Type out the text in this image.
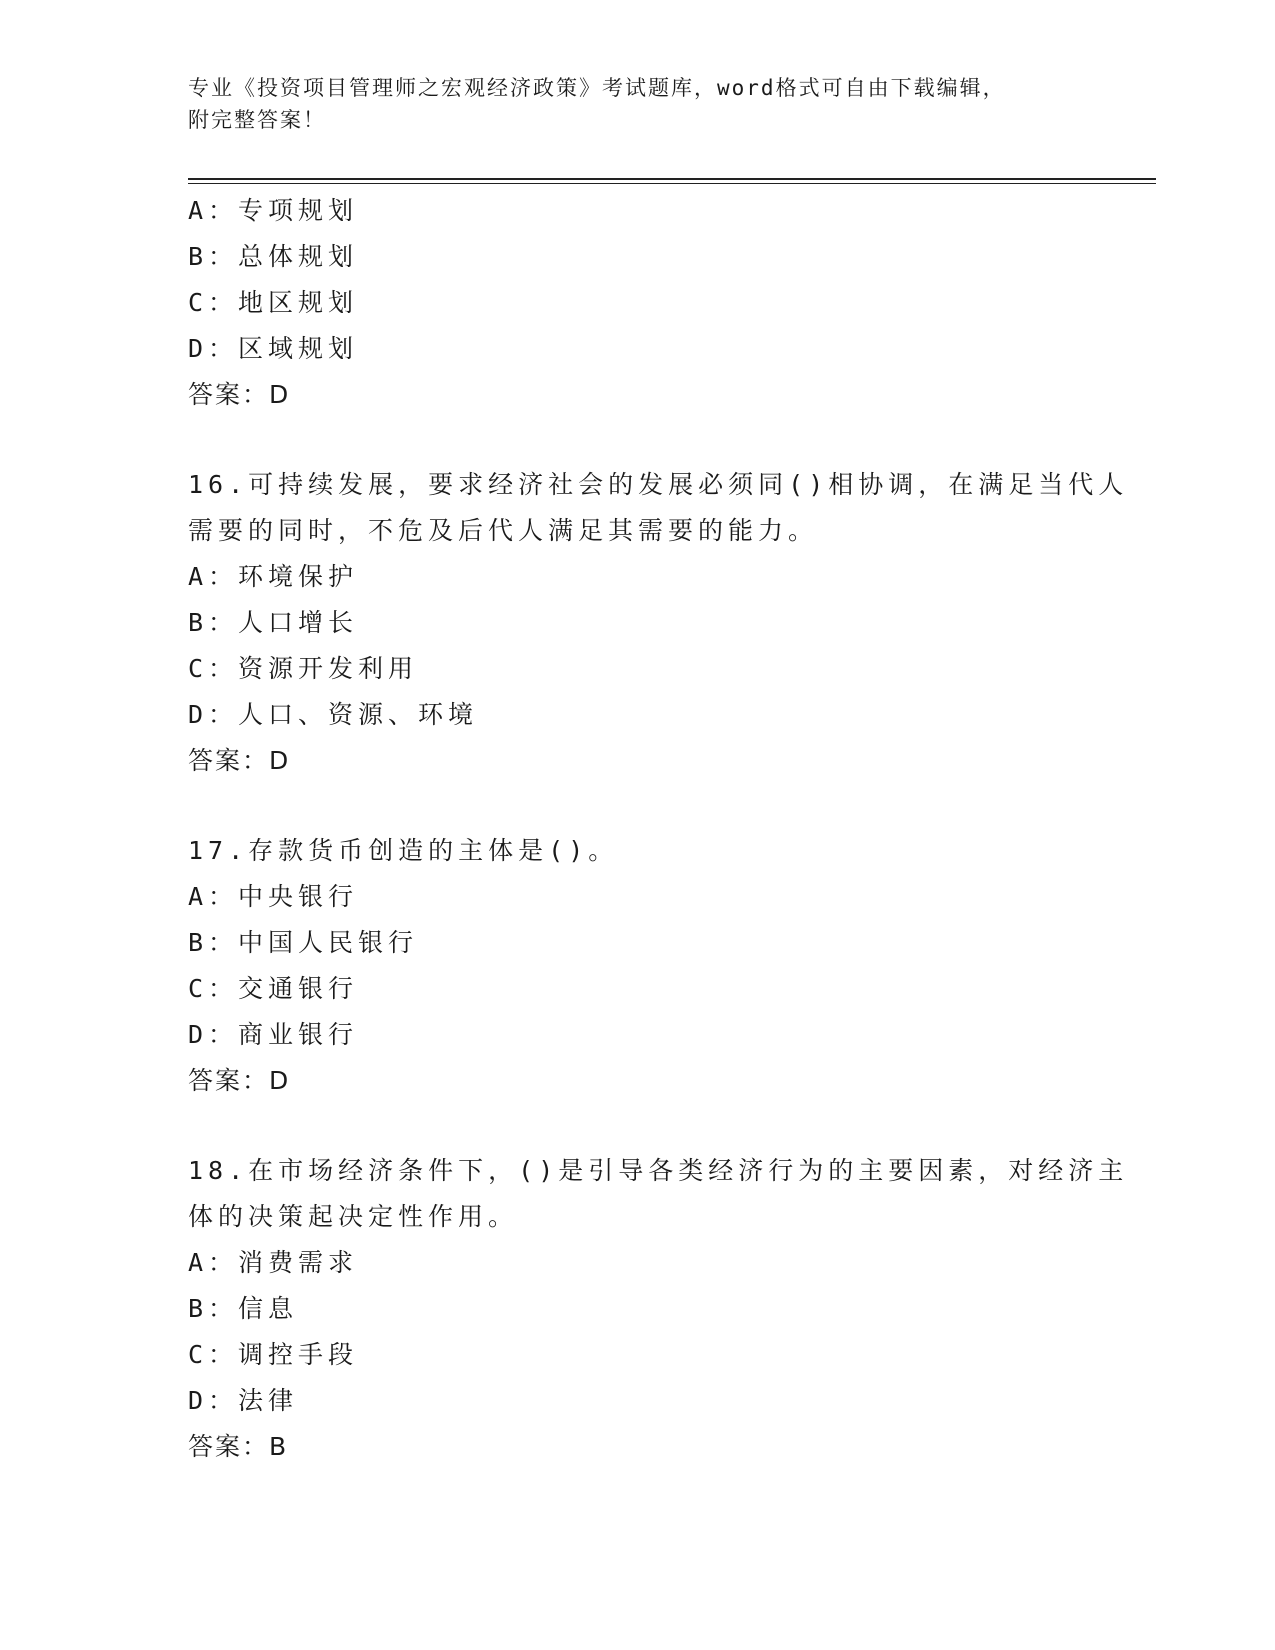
专业《投资项目管理师之宏观经济政策》考试题库，word格式可自由下载编辑，
附完整答案！
A：专项规划
B：总体规划
C：地区规划
D：区域规划
答案：D
16.可持续发展，要求经济社会的发展必须同()相协调，在满足当代人
需要的同时，不危及后代人满足其需要的能力。
A：环境保护
B：人口增长
C：资源开发利用
D：人口、资源、环境
答案：D
17.存款货币创造的主体是()。
A：中央银行
B：中国人民银行
C：交通银行
D：商业银行
答案：D
18.在市场经济条件下，()是引导各类经济行为的主要因素，对经济主
体的决策起决定性作用。
A：消费需求
B：信息
C：调控手段
D：法律
答案：B
